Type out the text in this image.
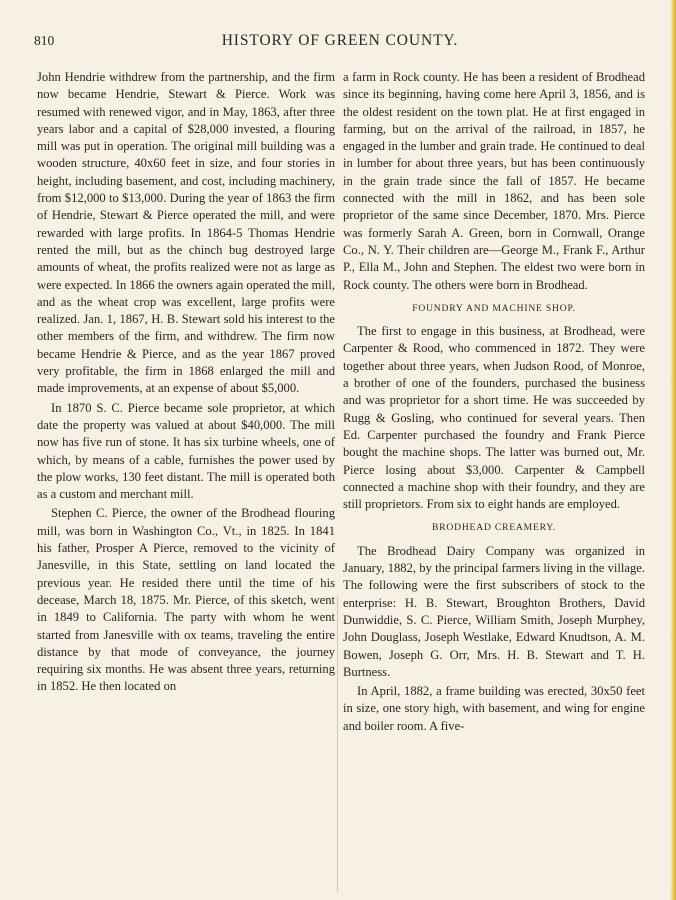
810	HISTORY OF GREEN COUNTY.

John Hendrie withdrew from the partnership, and the firm now became Hendrie, Stewart & Pierce. Work was resumed with renewed vigor, and in May, 1863, after three years labor and a capital of $28,000 invested, a flouring mill was put in operation. The original mill building was a wooden structure, 40x60 feet in size, and four stories in height, including basement, and cost, including machinery, from $12,000 to $13,000. During the year of 1863 the firm of Hendrie, Stewart & Pierce operated the mill, and were rewarded with large profits. In 1864-5 Thomas Hendrie rented the mill, but as the chinch bug destroyed large amounts of wheat, the profits realized were not as large as were expected. In 1866 the owners again operated the mill, and as the wheat crop was excellent, large profits were realized. Jan. 1, 1867, H. B. Stewart sold his interest to the other members of the firm, and withdrew. The firm now became Hendrie & Pierce, and as the year 1867 proved very profitable, the firm in 1868 enlarged the mill and made improvements, at an expense of about $5,000.

In 1870 S. C. Pierce became sole proprietor, at which date the property was valued at about $40,000. The mill now has five run of stone. It has six turbine wheels, one of which, by means of a cable, furnishes the power used by the plow works, 130 feet distant. The mill is operated both as a custom and merchant mill.

Stephen C. Pierce, the owner of the Brodhead flouring mill, was born in Washington Co., Vt., in 1825. In 1841 his father, Prosper A Pierce, removed to the vicinity of Janesville, in this State, settling on land located the previous year. He resided there until the time of his decease, March 18, 1875. Mr. Pierce, of this sketch, went in 1849 to California. The party with whom he went started from Janesville with ox teams, traveling the entire distance by that mode of conveyance, the journey requiring six months. He was absent three years, returning in 1852. He then located on

a farm in Rock county. He has been a resident of Brodhead since its beginning, having come here April 3, 1856, and is the oldest resident on the town plat. He at first engaged in farming, but on the arrival of the railroad, in 1857, he engaged in the lumber and grain trade. He continued to deal in lumber for about three years, but has been continuously in the grain trade since the fall of 1857. He became connected with the mill in 1862, and has been sole proprietor of the same since December, 1870. Mrs. Pierce was formerly Sarah A. Green, born in Cornwall, Orange Co., N. Y. Their children are—George M., Frank F., Arthur P., Ella M., John and Stephen. The eldest two were born in Rock county. The others were born in Brodhead.

FOUNDRY AND MACHINE SHOP.

The first to engage in this business, at Brodhead, were Carpenter & Rood, who commenced in 1872. They were together about three years, when Judson Rood, of Monroe, a brother of one of the founders, purchased the business and was proprietor for a short time. He was succeeded by Rugg & Gosling, who continued for several years. Then Ed. Carpenter purchased the foundry and Frank Pierce bought the machine shops. The latter was burned out, Mr. Pierce losing about $3,000. Carpenter & Campbell connected a machine shop with their foundry, and they are still proprietors. From six to eight hands are employed.

BRODHEAD CREAMERY.

The Brodhead Dairy Company was organized in January, 1882, by the principal farmers living in the village. The following were the first subscribers of stock to the enterprise: H. B. Stewart, Broughton Brothers, David Dunwiddie, S. C. Pierce, William Smith, Joseph Murphey, John Douglass, Joseph Westlake, Edward Knudtson, A. M. Bowen, Joseph G. Orr, Mrs. H. B. Stewart and T. H. Burtness.

In April, 1882, a frame building was erected, 30x50 feet in size, one story high, with basement, and wing for engine and boiler room. A five-
